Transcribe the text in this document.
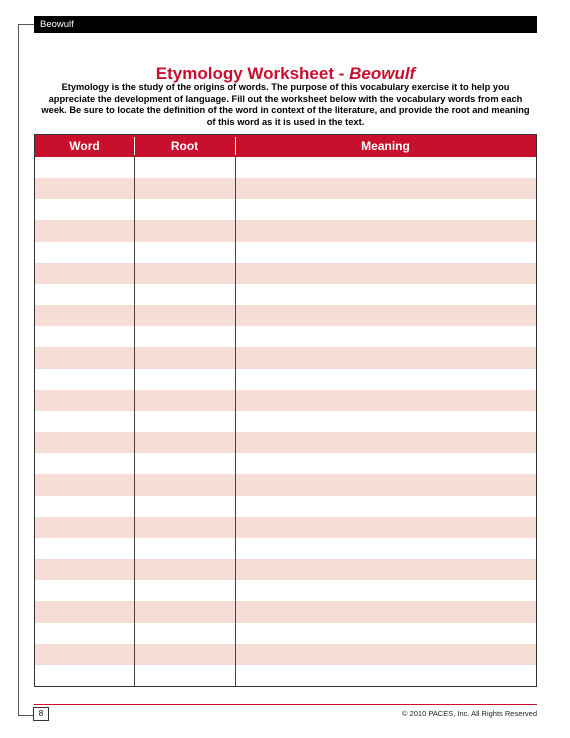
Beowulf
Etymology Worksheet - Beowulf
Etymology is the study of the origins of words. The purpose of this vocabulary exercise it to help you appreciate the development of language. Fill out the worksheet below with the vocabulary words from each week. Be sure to locate the definition of the word in context of the literature, and provide the root and meaning of this word as it is used in the text.
Word	Root	Meaning
8	© 2010 PACES, Inc. All Rights Reserved
